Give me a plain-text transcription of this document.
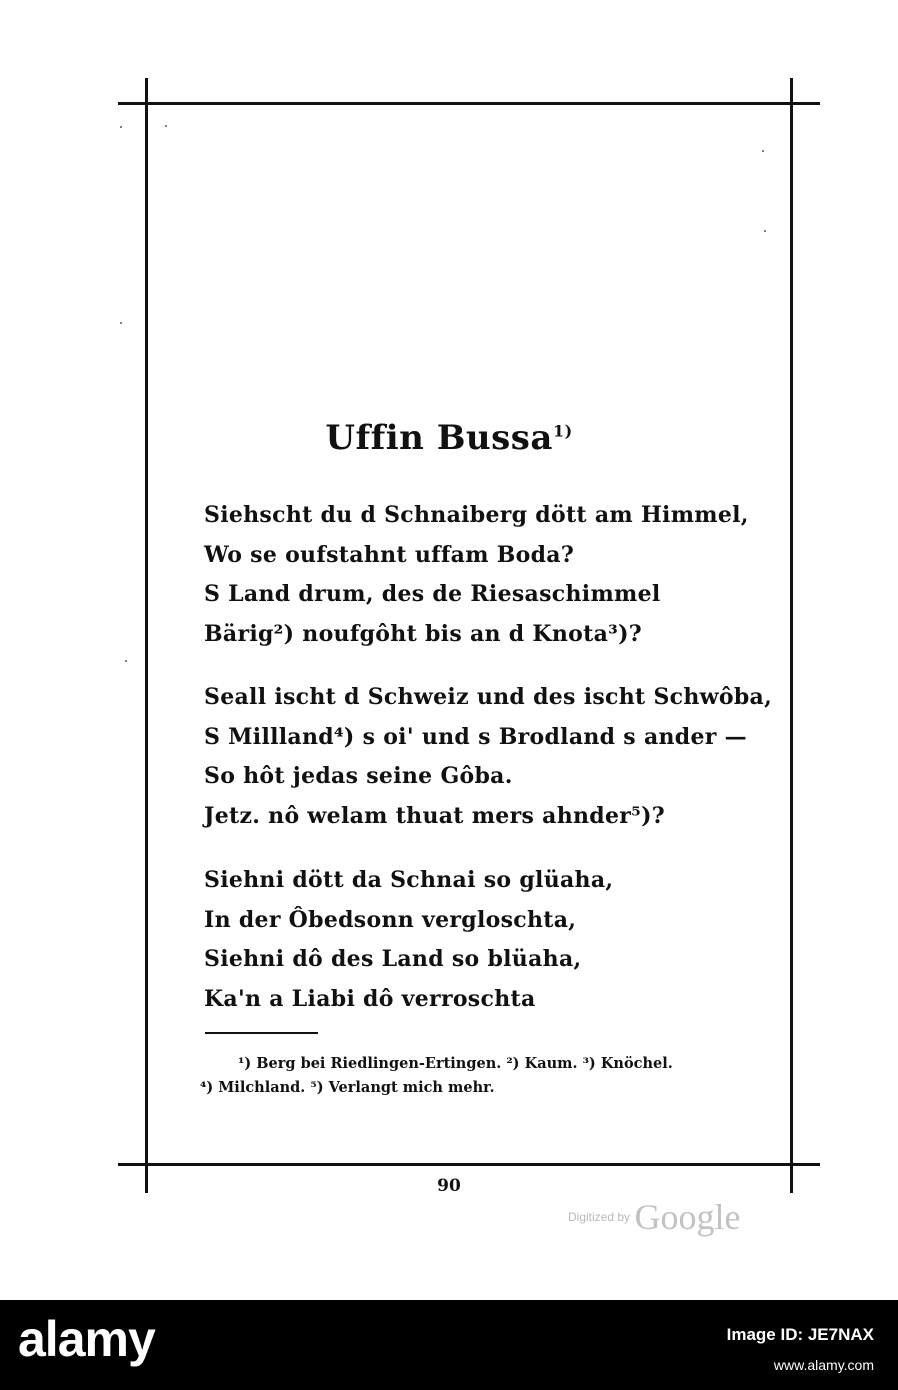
Uffin Bussa$^{1)}$
Siehscht du d Schnaiberg dött am Himmel,
Wo se oufstahnt uffam Boda?
S Land drum, des de Riesaschimmel
Bärig²) noufgôht bis an d Knota³)?
Seall ischt d Schweiz und des ischt Schwôba,
S Millland⁴) s oi' und s Brodland s ander —
So hôt jedas seine Gôba.
Jetz. nô welam thuat mers ahnder⁵)?
Siehni dött da Schnai so glüaha,
In der Ôbedsonn vergloschta,
Siehni dô des Land so blüaha,
Ka'n a Liabi dô verroschta
¹) Berg bei Riedlingen-Ertingen. ²) Kaum. ³) Knöchel.
⁴) Milchland. ⁵) Verlangt mich mehr.
90
$^{Digitized by}$ Google
alamy	Image ID: JE7NAX
www.alamy.com
